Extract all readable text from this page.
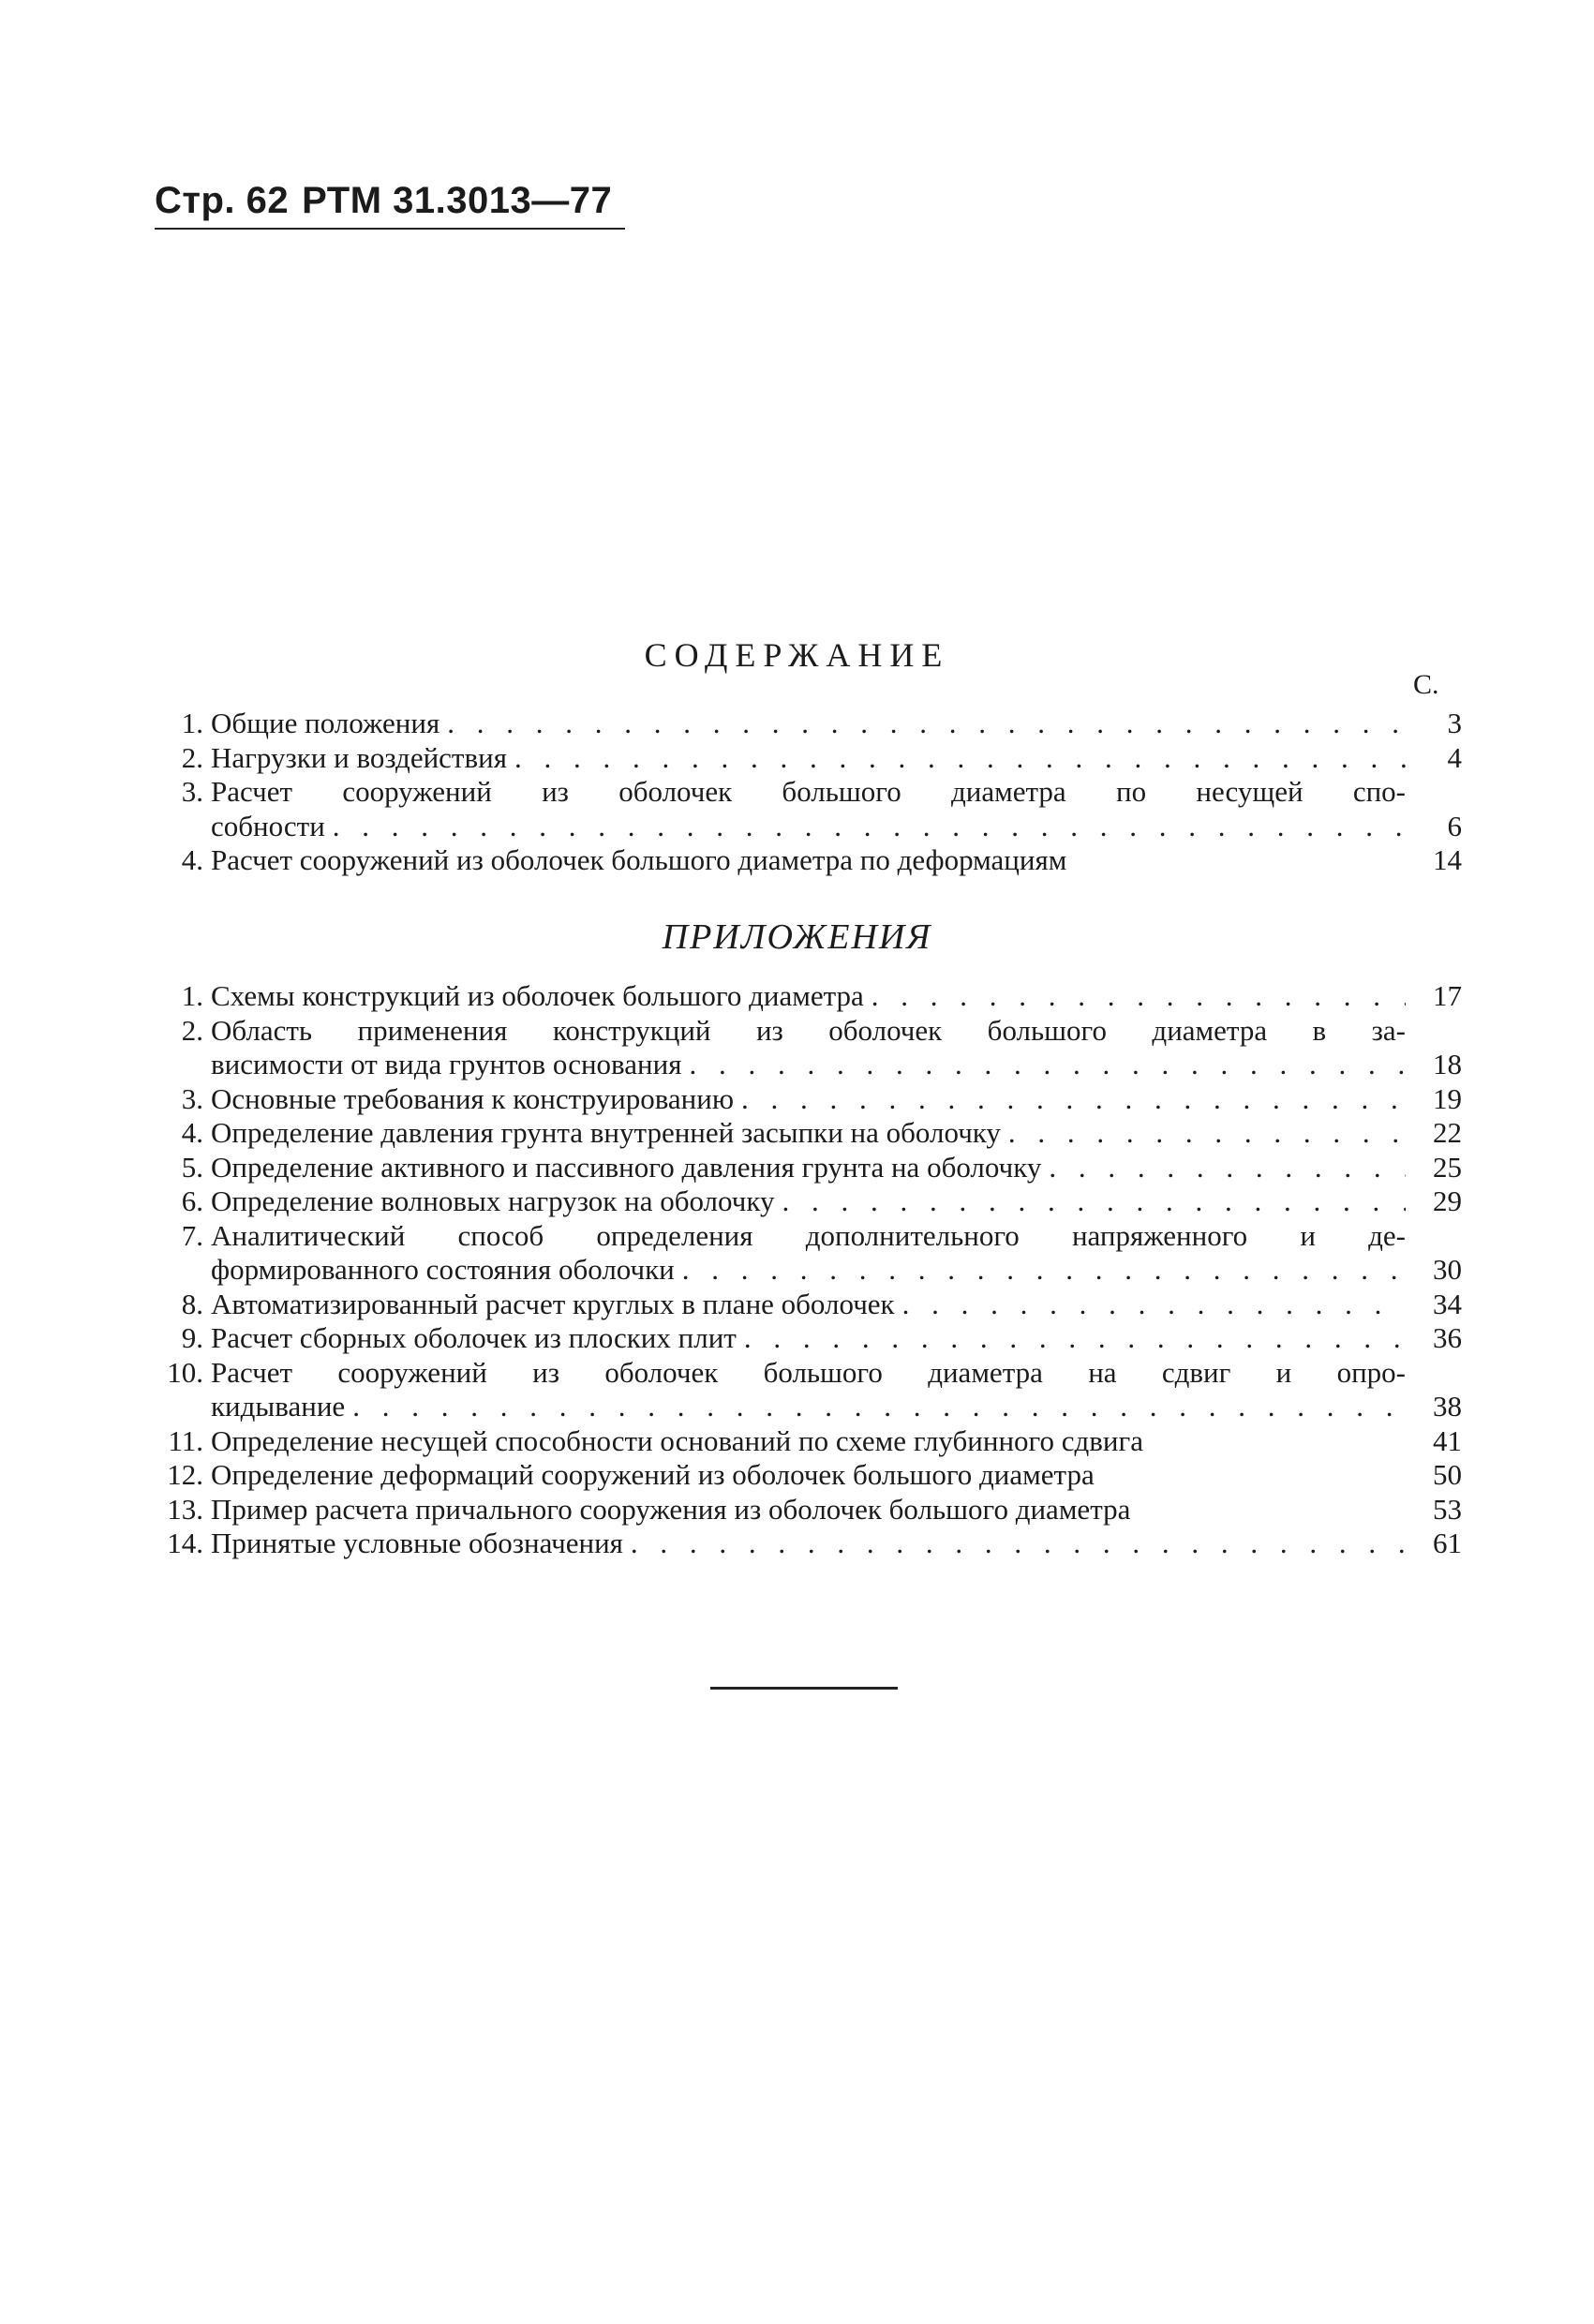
Стр. 62 РТМ 31.3013—77
СОДЕРЖАНИЕ
С.
1. Общие положения . . .	3
2. Нагрузки и воздействия . . .	4
3. Расчет сооружений из оболочек большого диаметра по несущей спо-
собности . . .	6
4. Расчет сооружений из оболочек большого диаметра по деформациям	14
ПРИЛОЖЕНИЯ
1. Схемы конструкций из оболочек большого диаметра . . .	17
2. Область применения конструкций из оболочек большого диаметра в за-
висимости от вида грунтов основания . . .	18
3. Основные требования к конструированию . . .	19
4. Определение давления грунта внутренней засыпки на оболочку . . .	22
5. Определение активного и пассивного давления грунта на оболочку . . .	25
6. Определение волновых нагрузок на оболочку . . .	29
7. Аналитический способ определения дополнительного напряженного и де-
формированного состояния оболочки . . .	30
8. Автоматизированный расчет круглых в плане оболочек . . .	34
9. Расчет сборных оболочек из плоских плит . . .	36
10. Расчет сооружений из оболочек большого диаметра на сдвиг и опро-
кидывание . . .	38
11. Определение несущей способности оснований по схеме глубинного сдвига	41
12. Определение деформаций сооружений из оболочек большого диаметра	50
13. Пример расчета причального сооружения из оболочек большого диаметра	53
14. Принятые условные обозначения . . .	61
